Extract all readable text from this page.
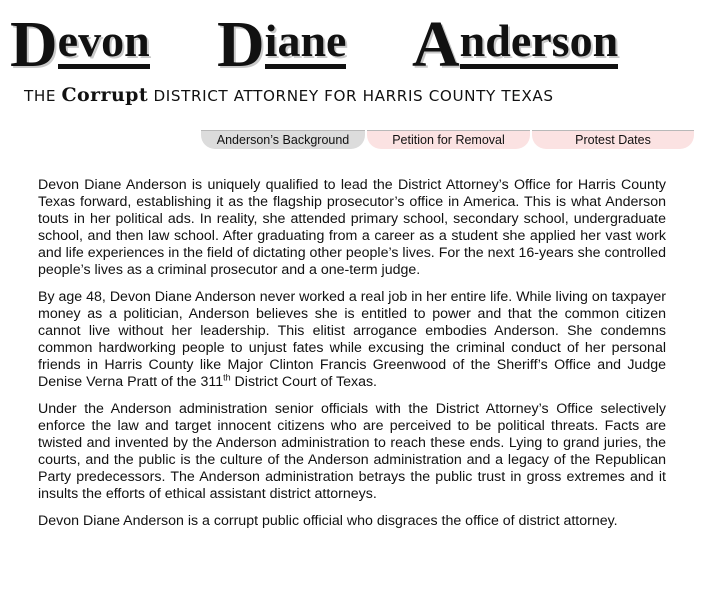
Devon Diane Anderson
THE Corrupt DISTRICT ATTORNEY FOR HARRIS COUNTY TEXAS
Anderson’s Background	Petition for Removal	Protest Dates

Devon Diane Anderson is uniquely qualified to lead the District Attorney’s Office for Harris County Texas forward, establishing it as the flagship prosecutor’s office in America. This is what Anderson touts in her political ads. In reality, she attended primary school, secondary school, undergraduate school, and then law school. After graduating from a career as a student she applied her vast work and life experiences in the field of dictating other people’s lives. For the next 16-years she controlled people’s lives as a criminal prosecutor and a one-term judge.

By age 48, Devon Diane Anderson never worked a real job in her entire life. While living on taxpayer money as a politician, Anderson believes she is entitled to power and that the common citizen cannot live without her leadership. This elitist arrogance embodies Anderson. She condemns common hardworking people to unjust fates while excusing the criminal conduct of her personal friends in Harris County like Major Clinton Francis Greenwood of the Sheriff’s Office and Judge Denise Verna Pratt of the 311th District Court of Texas.

Under the Anderson administration senior officials with the District Attorney’s Office selectively enforce the law and target innocent citizens who are perceived to be political threats. Facts are twisted and invented by the Anderson administration to reach these ends. Lying to grand juries, the courts, and the public is the culture of the Anderson administration and a legacy of the Republican Party predecessors. The Anderson administration betrays the public trust in gross extremes and it insults the efforts of ethical assistant district attorneys.

Devon Diane Anderson is a corrupt public official who disgraces the office of district attorney.
